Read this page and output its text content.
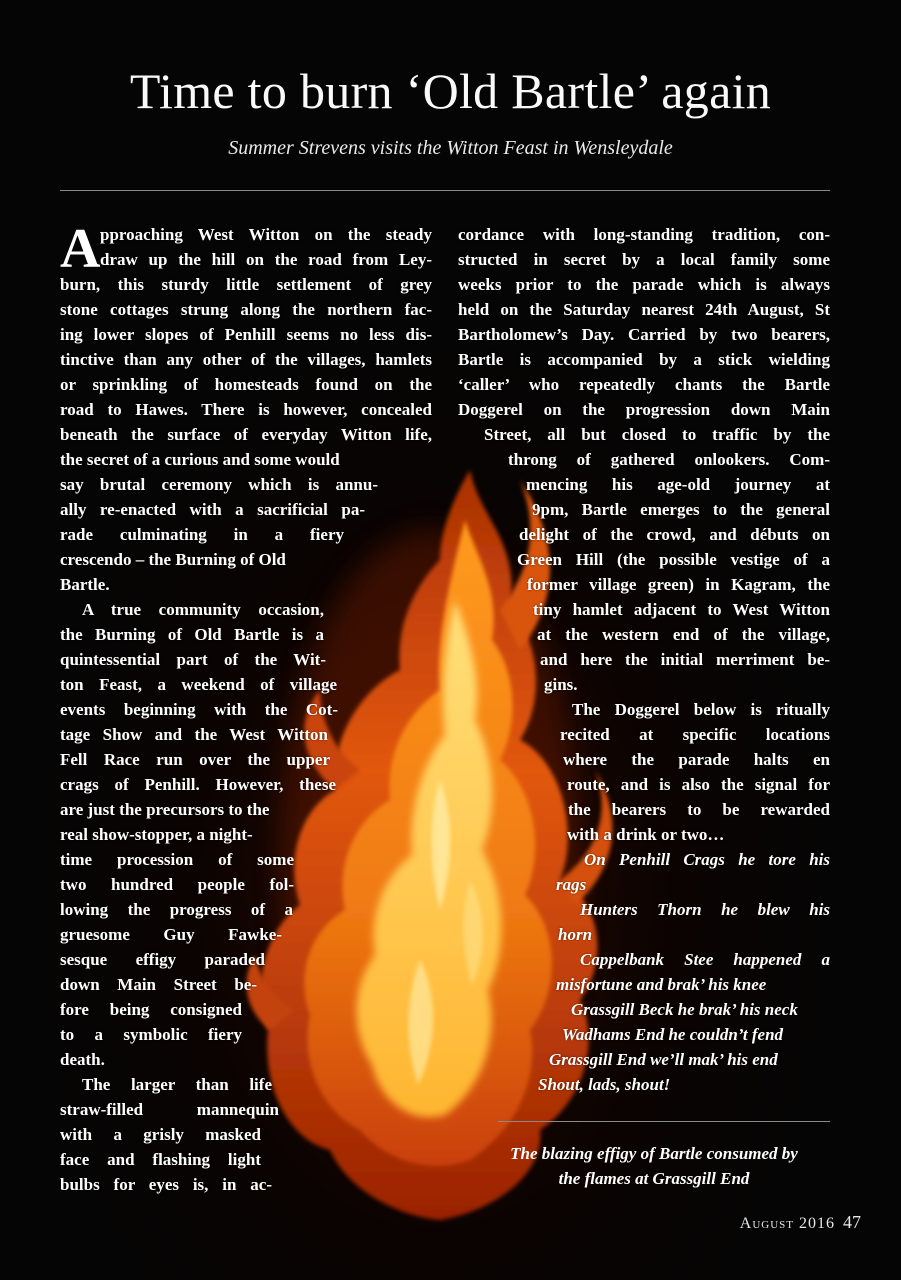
Time to burn ‘Old Bartle’ again

Summer Strevens visits the Witton Feast in Wensleydale

A pproaching West Witton on the steady
draw up the hill on the road from Ley-
burn, this sturdy little settlement of grey
stone cottages strung along the northern fac-
ing lower slopes of Penhill seems no less dis-
tinctive than any other of the villages, hamlets
or sprinkling of homesteads found on the
road to Hawes. There is however, concealed
beneath the surface of everyday Witton life,
the secret of a curious and some would
say brutal ceremony which is annu-
ally re-enacted with a sacrificial pa-
rade culminating in a fiery
crescendo – the Burning of Old
Bartle.
A true community occasion,
the Burning of Old Bartle is a
quintessential part of the Wit-
ton Feast, a weekend of village
events beginning with the Cot-
tage Show and the West Witton
Fell Race run over the upper
crags of Penhill. However, these
are just the precursors to the
real show-stopper, a night-
time procession of some
two hundred people fol-
lowing the progress of a
gruesome Guy Fawke-
sesque effigy paraded
down Main Street be-
fore being consigned
to a symbolic fiery
death.
The larger than life
straw-filled mannequin
with a grisly masked
face and flashing light
bulbs for eyes is, in ac-
cordance with long-standing tradition, con-
structed in secret by a local family some
weeks prior to the parade which is always
held on the Saturday nearest 24th August, St
Bartholomew’s Day. Carried by two bearers,
Bartle is accompanied by a stick wielding
‘caller’ who repeatedly chants the Bartle
Doggerel on the progression down Main
Street, all but closed to traffic by the
throng of gathered onlookers. Com-
mencing his age-old journey at
9pm, Bartle emerges to the general
delight of the crowd, and débuts on
Green Hill (the possible vestige of a
former village green) in Kagram, the
tiny hamlet adjacent to West Witton
at the western end of the village,
and here the initial merriment be-
gins.
The Doggerel below is ritually
recited at specific locations
where the parade halts en
route, and is also the signal for
the bearers to be rewarded
with a drink or two…
On Penhill Crags he tore his
rags
Hunters Thorn he blew his
horn
Cappelbank Stee happened a
misfortune and brak’ his knee
Grassgill Beck he brak’ his neck
Wadhams End he couldn’t fend
Grassgill End we’ll mak’ his end
Shout, lads, shout!
The blazing effigy of Bartle consumed by
the flames at Grassgill End
August 2016 47
